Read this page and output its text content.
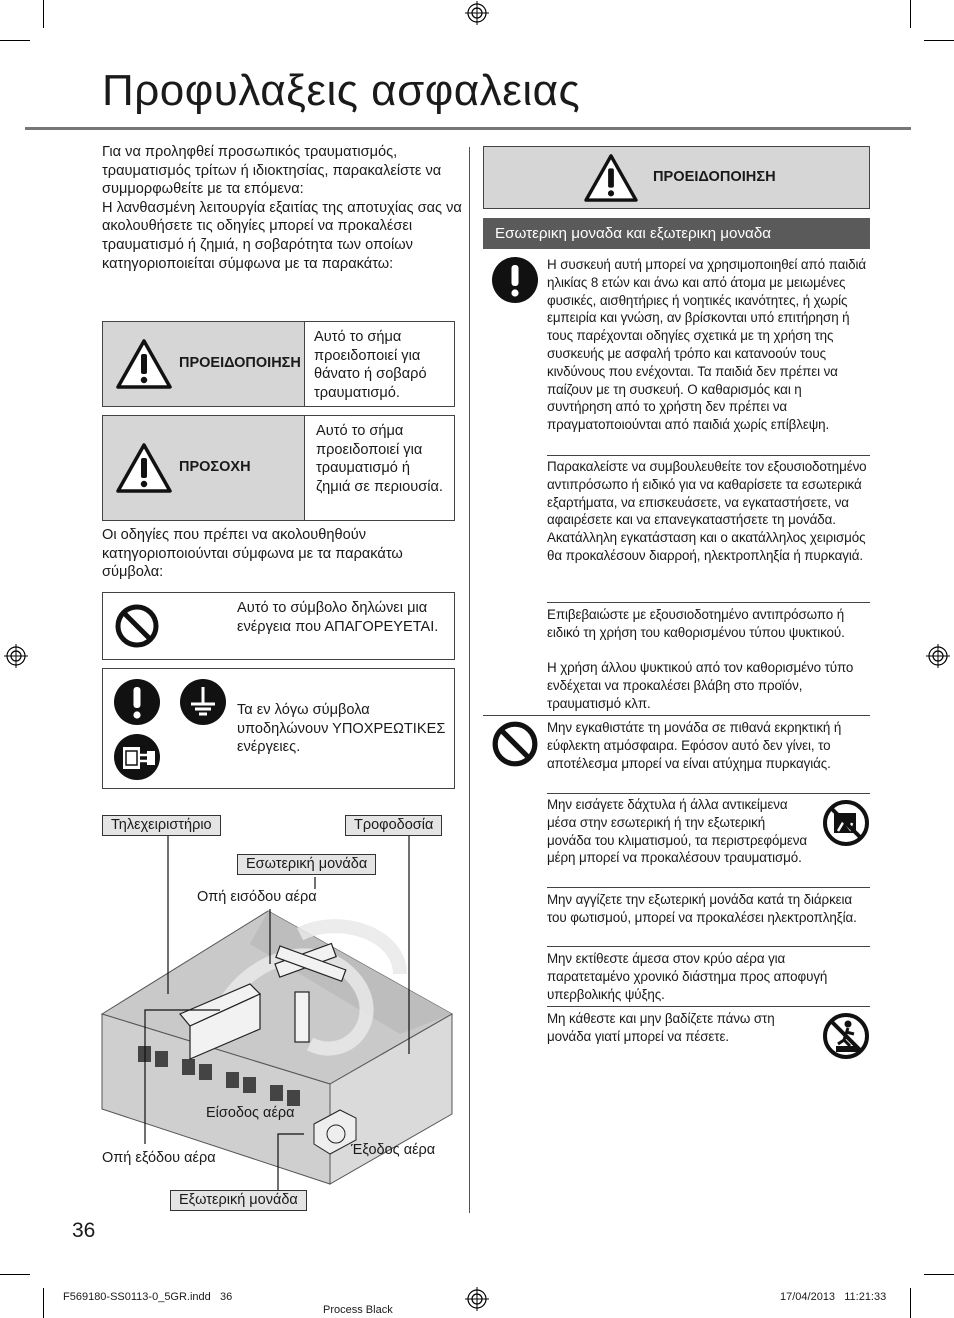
Προφυλαξεις ασφαλειας
Για να προληφθεί προσωπικός τραυματισμός, τραυματισμός τρίτων ή ιδιοκτησίας, παρακαλείστε να συμμορφωθείτε με τα επόμενα:
Η λανθασμένη λειτουργία εξαιτίας της αποτυχίας σας να ακολουθήσετε τις οδηγίες μπορεί να προκαλέσει τραυματισμό ή ζημιά, η σοβαρότητα των οποίων κατηγοριοποιείται σύμφωνα με τα παρακάτω:
ΠΡΟΕΙΔΟΠΟΙΗΣΗ
Αυτό το σήμα προειδοποιεί για θάνατο ή σοβαρό τραυματισμό.
ΠΡΟΣΟΧΗ
Αυτό το σήμα προειδοποιεί για τραυματισμό ή ζημιά σε περιουσία.
Οι οδηγίες που πρέπει να ακολουθηθούν κατηγοριοποιούνται σύμφωνα με τα παρακάτω σύμβολα:
Αυτό το σύμβολο δηλώνει μια ενέργεια που ΑΠΑΓΟΡΕΥΕΤΑΙ.
Τα εν λόγω σύμβολα υποδηλώνουν ΥΠΟΧΡΕΩΤΙΚΕΣ ενέργειες.
Τηλεχειριστήριο	Τροφοδοσία
Εσωτερική μονάδα
Οπή εισόδου αέρα
Είσοδος αέρα
Έξοδος αέρα
Οπή εξόδου αέρα
Εξωτερική μονάδα
ΠΡΟΕΙΔΟΠΟΙΗΣΗ
Εσωτερικη μοναδα και εξωτερικη μοναδα
Η συσκευή αυτή μπορεί να χρησιμοποιηθεί από παιδιά ηλικίας 8 ετών και άνω και από άτομα με μειωμένες φυσικές, αισθητήριες ή νοητικές ικανότητες, ή χωρίς εμπειρία και γνώση, αν βρίσκονται υπό επιτήρηση ή τους παρέχονται οδηγίες σχετικά με τη χρήση της συσκευής με ασφαλή τρόπο και κατανοούν τους κινδύνους που ενέχονται. Τα παιδιά δεν πρέπει να παίζουν με τη συσκευή. Ο καθαρισμός και η συντήρηση από το χρήστη δεν πρέπει να πραγματοποιούνται από παιδιά χωρίς επίβλεψη.
Παρακαλείστε να συμβουλευθείτε τον εξουσιοδοτημένο αντιπρόσωπο ή ειδικό για να καθαρίσετε τα εσωτερικά εξαρτήματα, να επισκευάσετε, να εγκαταστήσετε, να αφαιρέσετε και να επανεγκαταστήσετε τη μονάδα. Ακατάλληλη εγκατάσταση και ο ακατάλληλος χειρισμός θα προκαλέσουν διαρροή, ηλεκτροπληξία ή πυρκαγιά.
Επιβεβαιώστε με εξουσιοδοτημένο αντιπρόσωπο ή ειδικό τη χρήση του καθορισμένου τύπου ψυκτικού.
Η χρήση άλλου ψυκτικού από τον καθορισμένο τύπο ενδέχεται να προκαλέσει βλάβη στο προϊόν, τραυματισμό κλπ.
Μην εγκαθιστάτε τη μονάδα σε πιθανά εκρηκτική ή εύφλεκτη ατμόσφαιρα. Εφόσον αυτό δεν γίνει, το αποτέλεσμα μπορεί να είναι ατύχημα πυρκαγιάς.
Μην εισάγετε δάχτυλα ή άλλα αντικείμενα μέσα στην εσωτερική ή την εξωτερική μονάδα του κλιματισμού, τα περιστρεφόμενα μέρη μπορεί να προκαλέσουν τραυματισμό.
Μην αγγίζετε την εξωτερική μονάδα κατά τη διάρκεια του φωτισμού, μπορεί να προκαλέσει ηλεκτροπληξία.
Μην εκτίθεστε άμεσα στον κρύο αέρα για παρατεταμένο χρονικό διάστημα προς αποφυγή υπερβολικής ψύξης.
Μη κάθεστε και μην βαδίζετε πάνω στη μονάδα γιατί μπορεί να πέσετε.
36
F569180-SS0113-0_5GR.indd   36
Process Black
17/04/2013   11:21:33
